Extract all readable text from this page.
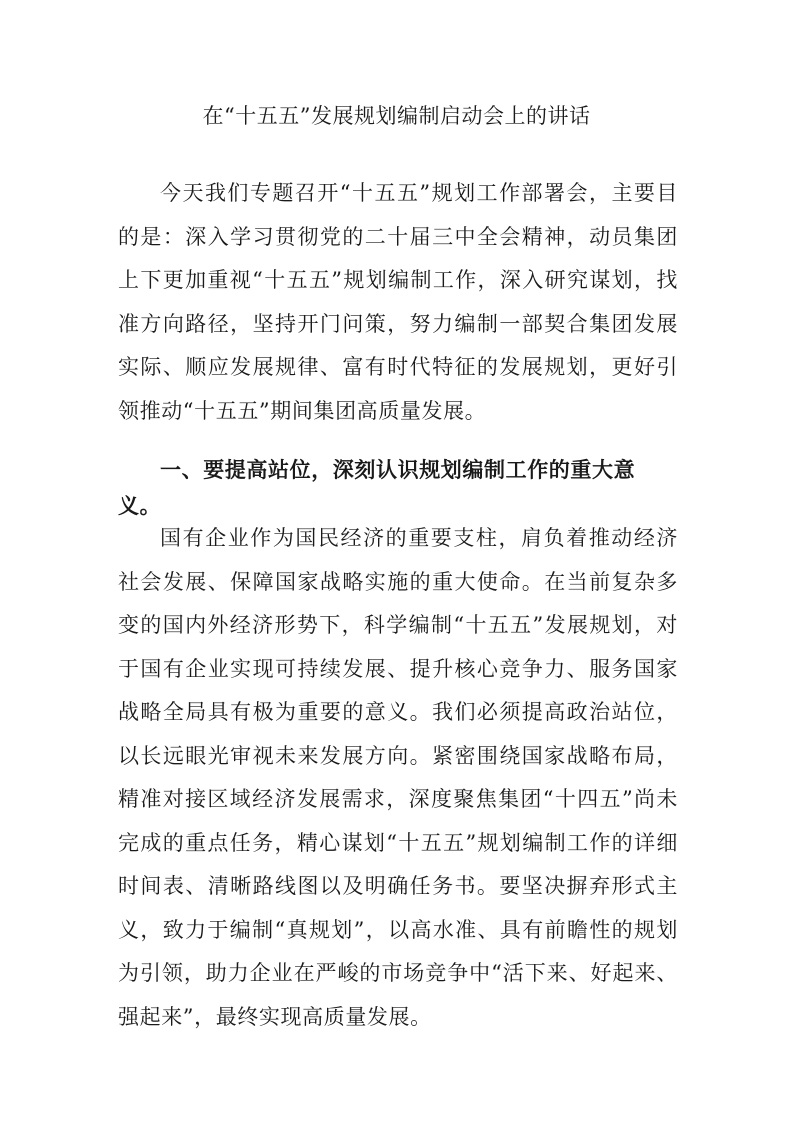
在“十五五”发展规划编制启动会上的讲话

今天我们专题召开“十五五”规划工作部署会，主要目的是：深入学习贯彻党的二十届三中全会精神，动员集团上下更加重视“十五五”规划编制工作，深入研究谋划，找准方向路径，坚持开门问策，努力编制一部契合集团发展实际、顺应发展规律、富有时代特征的发展规划，更好引领推动“十五五”期间集团高质量发展。

一、要提高站位，深刻认识规划编制工作的重大意义。

国有企业作为国民经济的重要支柱，肩负着推动经济社会发展、保障国家战略实施的重大使命。在当前复杂多变的国内外经济形势下，科学编制“十五五”发展规划，对于国有企业实现可持续发展、提升核心竞争力、服务国家战略全局具有极为重要的意义。我们必须提高政治站位，以长远眼光审视未来发展方向。紧密围绕国家战略布局，精准对接区域经济发展需求，深度聚焦集团“十四五”尚未完成的重点任务，精心谋划“十五五”规划编制工作的详细时间表、清晰路线图以及明确任务书。要坚决摒弃形式主义，致力于编制“真规划”，以高水准、具有前瞻性的规划为引领，助力企业在严峻的市场竞争中“活下来、好起来、强起来”，最终实现高质量发展。
